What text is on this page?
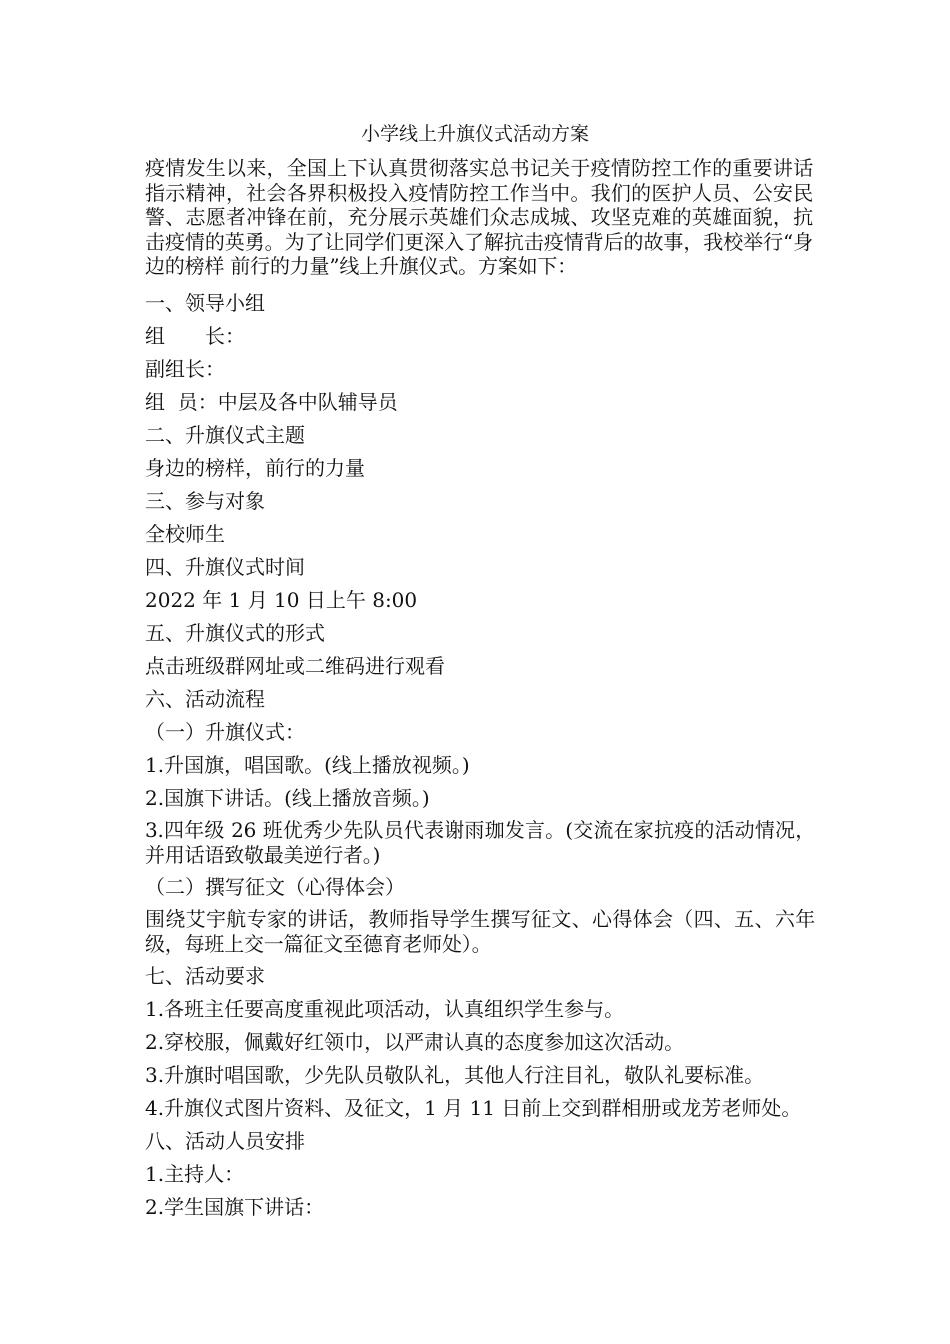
小学线上升旗仪式活动方案
疫情发生以来，全国上下认真贯彻落实总书记关于疫情防控工作的重要讲话指示精神，社会各界积极投入疫情防控工作当中。我们的医护人员、公安民警、志愿者冲锋在前，充分展示英雄们众志成城、攻坚克难的英雄面貌，抗击疫情的英勇。为了让同学们更深入了解抗击疫情背后的故事，我校举行“身边的榜样 前行的力量”线上升旗仪式。方案如下：
一、领导小组
组　　长：
副组长：
组  员：中层及各中队辅导员
二、升旗仪式主题
身边的榜样，前行的力量
三、参与对象
全校师生
四、升旗仪式时间
2022 年 1 月 10 日上午 8:00
五、升旗仪式的形式
点击班级群网址或二维码进行观看
六、活动流程
（一）升旗仪式：
1.升国旗，唱国歌。(线上播放视频。)
2.国旗下讲话。(线上播放音频。)
3.四年级 26 班优秀少先队员代表谢雨珈发言。(交流在家抗疫的活动情况，并用话语致敬最美逆行者。)
（二）撰写征文（心得体会）
围绕艾宇航专家的讲话，教师指导学生撰写征文、心得体会（四、五、六年级，每班上交一篇征文至德育老师处）。
七、活动要求
1.各班主任要高度重视此项活动，认真组织学生参与。
2.穿校服，佩戴好红领巾，以严肃认真的态度参加这次活动。
3.升旗时唱国歌，少先队员敬队礼，其他人行注目礼，敬队礼要标准。
4.升旗仪式图片资料、及征文，1 月 11 日前上交到群相册或龙芳老师处。
八、活动人员安排
1.主持人：
2.学生国旗下讲话：
